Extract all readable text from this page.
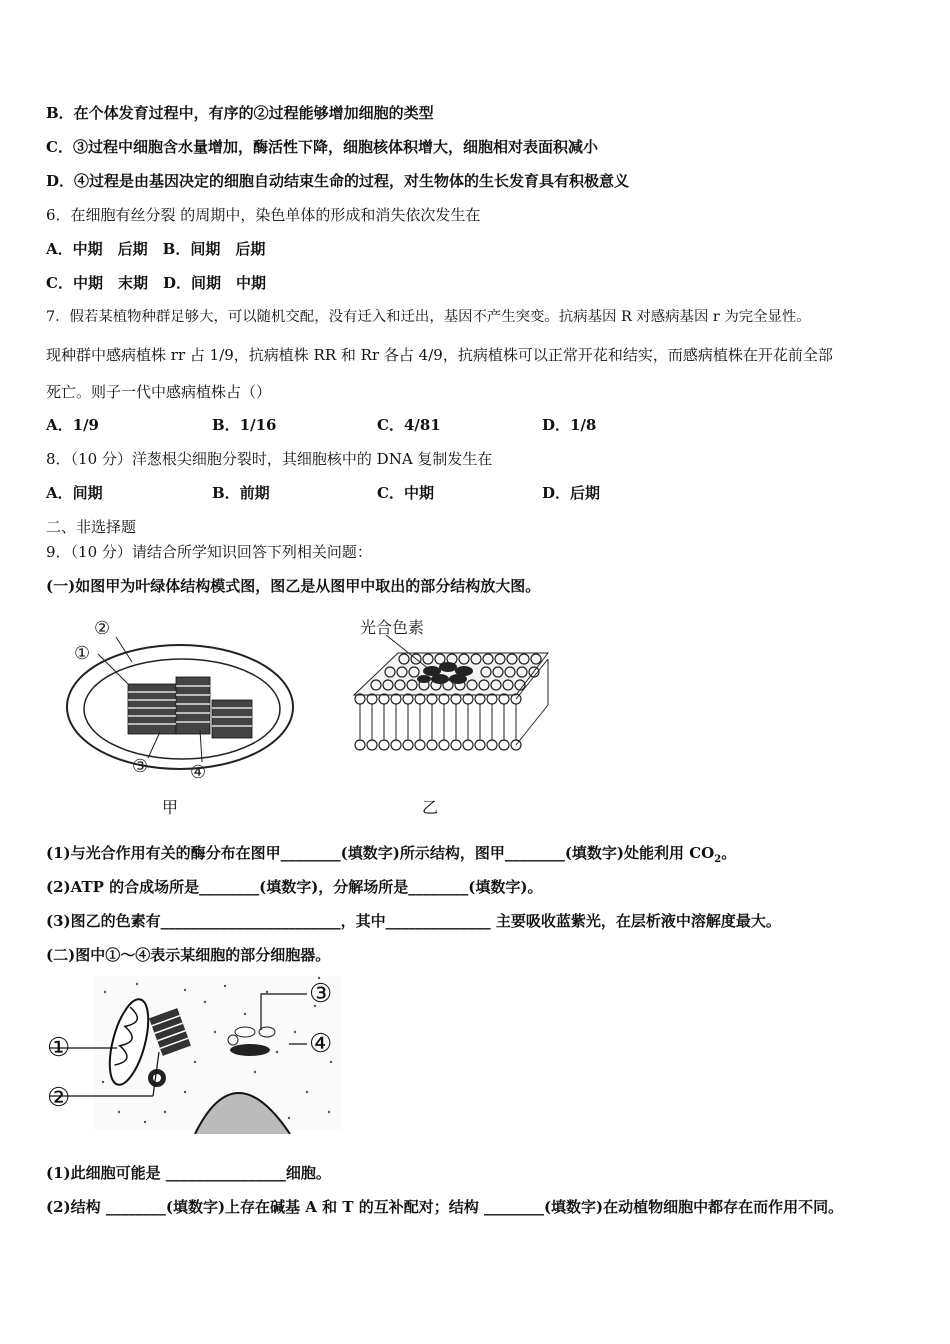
B．在个体发育过程中，有序的②过程能够增加细胞的类型
C．③过程中细胞含水量增加，酶活性下降，细胞核体积增大，细胞相对表面积减小
D．④过程是由基因决定的细胞自动结束生命的过程，对生物体的生长发育具有积极意义
6．在细胞有丝分裂 的周期中，染色单体的形成和消失依次发生在
A．中期　后期　B．间期　后期
C．中期　末期　D．间期　中期
7．假若某植物种群足够大，可以随机交配，没有迁入和迁出，基因不产生突变。抗病基因 R 对感病基因 r 为完全显性。
现种群中感病植株 rr 占 1/9，抗病植株 RR 和 Rr 各占 4/9，抗病植株可以正常开花和结实，而感病植株在开花前全部
死亡。则子一代中感病植株占（）
A．1/9	B．1/16	C．4/81	D．1/8
8．（10 分）洋葱根尖细胞分裂时，其细胞核中的 DNA 复制发生在
A．间期	B．前期	C．中期	D．后期
二、非选择题
9．（10 分）请结合所学知识回答下列相关问题：
(一)如图甲为叶绿体结构模式图，图乙是从图甲中取出的部分结构放大图。
②
①
③ ④
甲
光合色素
乙
(1)与光合作用有关的酶分布在图甲________(填数字)所示结构，图甲________(填数字)处能利用 $CO_2$。
(2)ATP 的合成场所是________(填数字)，分解场所是________(填数字)。
(3)图乙的色素有________________________，其中______________ 主要吸收蓝紫光，在层析液中溶解度最大。
(二)图中①～④表示某细胞的部分细胞器。
①
②
③
④
(1)此细胞可能是 ________________细胞。
(2)结构 ________(填数字)上存在碱基 A 和 T 的互补配对；结构 ________(填数字)在动植物细胞中都存在而作用不同。
